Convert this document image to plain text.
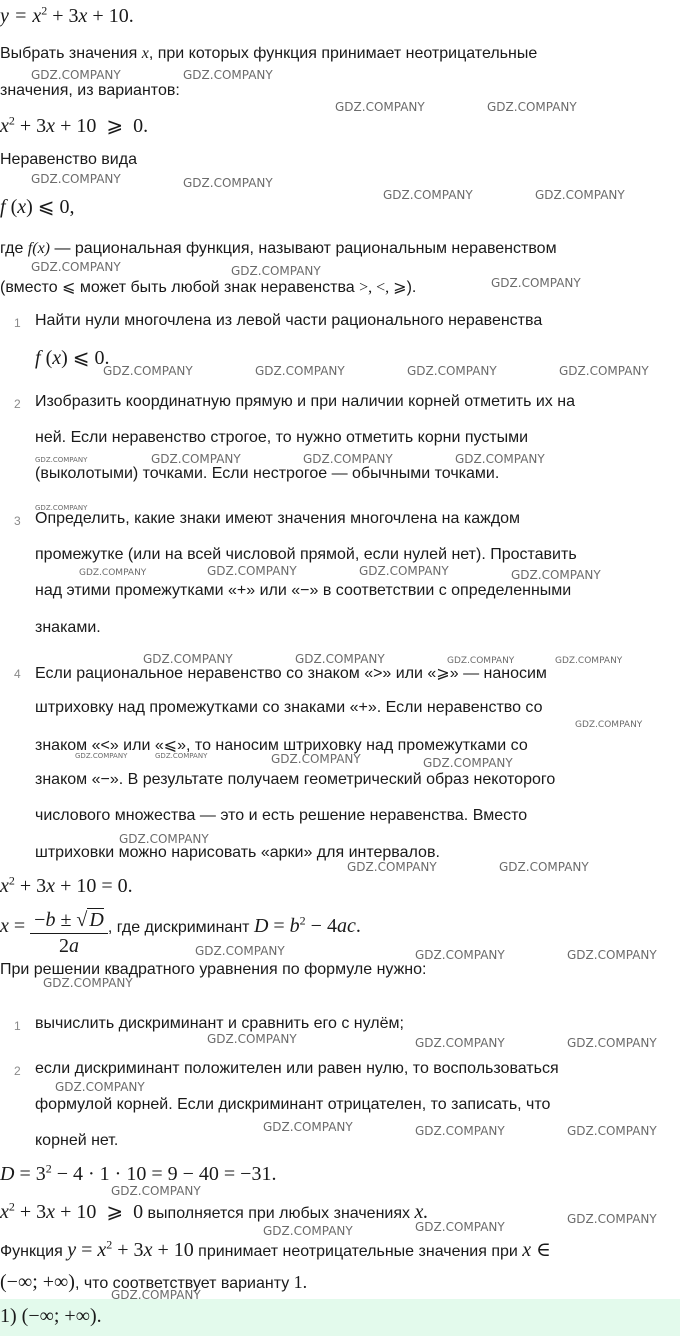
$y = x^2 + 3x + 10$.
Выбрать значения x, при которых функция принимает неотрицательные
значения, из вариантов:
$x^2 + 3x + 10$  ⩾  0.
Неравенство вида
f (x) ⩽ 0,
где f(x) — рациональная функция, называют рациональным неравенством
(вместо ⩽ может быть любой знак неравенства >, <, ⩾).
1 Найти нули многочлена из левой части рационального неравенства
f (x) ⩽ 0.
2 Изобразить координатную прямую и при наличии корней отметить их на
ней. Если неравенство строгое, то нужно отметить корни пустыми
(выколотыми) точками. Если нестрогое — обычными точками.
3 Определить, какие знаки имеют значения многочлена на каждом
промежутке (или на всей числовой прямой, если нулей нет). Проставить
над этими промежутками «+» или «−» в соответствии с определенными
знаками.
4 Если рациональное неравенство со знаком «>» или «⩾» — наносим
штриховку над промежутками со знаками «+». Если неравенство со
знаком «<» или «⩽», то наносим штриховку над промежутками со
знаком «−». В результате получаем геометрический образ некоторого
числового множества — это и есть решение неравенства. Вместо
штриховки можно нарисовать «арки» для интервалов.
$x^2 + 3x + 10 = 0$.
$x = \frac{-b \pm √ D}{2a}$ , где дискриминант $D = b^2 - 4ac$.
При решении квадратного уравнения по формуле нужно:
1 вычислить дискриминант и сравнить его с нулём;
2 если дискриминант положителен или равен нулю, то воспользоваться
формулой корней. Если дискриминант отрицателен, то записать, что
корней нет.
$D = 3^2 - 4 \cdot 1 \cdot 10 = 9 - 40 = -31$.
$x^2 + 3x + 10$  ⩾  0 выполняется при любых значениях x.
Функция $y = x^2 + 3x + 10$ принимает неотрицательные значения при x ∈
(−∞; +∞), что соответствует варианту 1.
1) (−∞; +∞).
GDZ.COMPANY	GDZ.COMPANY
GDZ.COMPANY	GDZ.COMPANY
GDZ.COMPANY	GDZ.COMPANY
GDZ.COMPANY	GDZ.COMPANY
GDZ.COMPANY	GDZ.COMPANY
GDZ.COMPANY
GDZ.COMPANY	GDZ.COMPANY	GDZ.COMPANY	GDZ.COMPANY
GDZ.COMPANY	GDZ.COMPANY	GDZ.COMPANY	GDZ.COMPANY
GDZ.COMPANY
GDZ.COMPANY	GDZ.COMPANY	GDZ.COMPANY	GDZ.COMPANY
GDZ.COMPANY	GDZ.COMPANY	GDZ.COMPANY	GDZ.COMPANY
GDZ.COMPANY
GDZ.COMPANY	GDZ.COMPANY	GDZ.COMPANY	GDZ.COMPANY
GDZ.COMPANY
GDZ.COMPANY	GDZ.COMPANY
GDZ.COMPANY	GDZ.COMPANY	GDZ.COMPANY
GDZ.COMPANY
GDZ.COMPANY	GDZ.COMPANY	GDZ.COMPANY
GDZ.COMPANY
GDZ.COMPANY	GDZ.COMPANY	GDZ.COMPANY
GDZ.COMPANY
GDZ.COMPANY
GDZ.COMPANY	GDZ.COMPANY
GDZ.COMPANY
